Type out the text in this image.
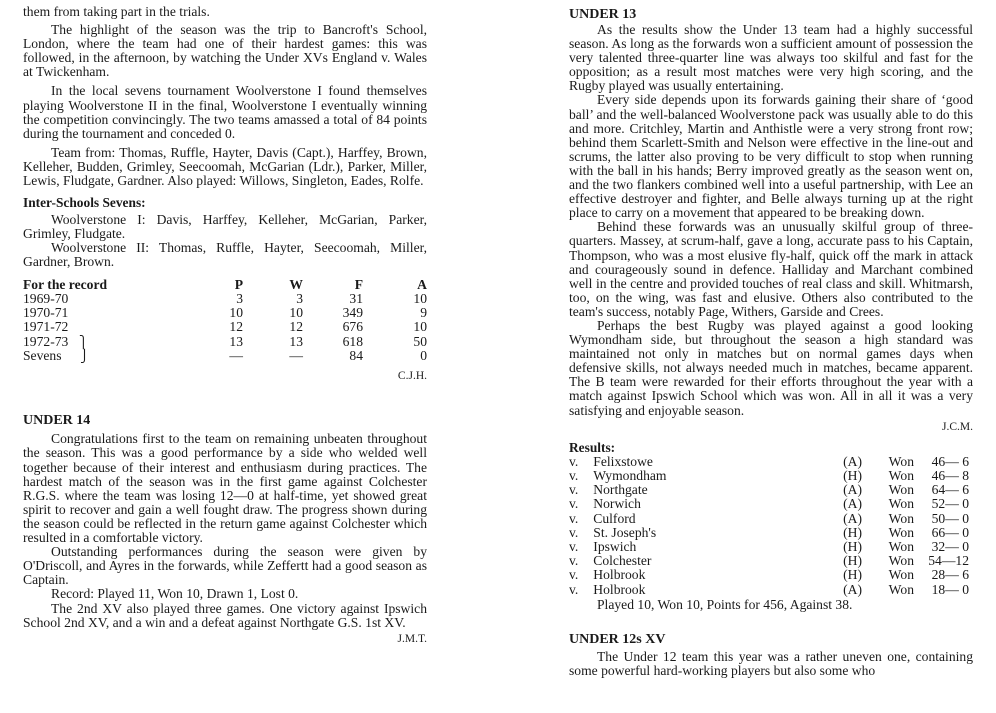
them from taking part in the trials.

The highlight of the season was the trip to Bancroft's School, London, where the team had one of their hardest games: this was followed, in the afternoon, by watching the Under XVs England v. Wales at Twickenham.

In the local sevens tournament Woolverstone I found themselves playing Woolverstone II in the final, Woolverstone I eventually winning the competition convincingly. The two teams amassed a total of 84 points during the tournament and conceded 0.

Team from: Thomas, Ruffle, Hayter, Davis (Capt.), Harffey, Brown, Kelleher, Budden, Grimley, Seecoomah, McGarian (Ldr.), Parker, Miller, Lewis, Fludgate, Gardner. Also played: Willows, Singleton, Eades, Rolfe.

Inter-Schools Sevens:

Woolverstone I: Davis, Harffey, Kelleher, McGarian, Parker, Grimley, Fludgate.

Woolverstone II: Thomas, Ruffle, Hayter, Seecoomah, Miller, Gardner, Brown.

For the record	P	W	F	A
1969-70	3	3	31	10
1970-71	10	10	349	9
1971-72	12	12	676	10
1972-73 ⎫	13	13	618	50
Sevens ⎭	—	—	84	0

C.J.H.

UNDER 14

Congratulations first to the team on remaining unbeaten throughout the season. This was a good performance by a side who welded well together because of their interest and enthusiasm during practices. The hardest match of the season was in the first game against Colchester R.G.S. where the team was losing 12—0 at half-time, yet showed great spirit to recover and gain a well fought draw. The progress shown during the season could be reflected in the return game against Colchester which resulted in a comfortable victory.

Outstanding performances during the season were given by O'Driscoll, and Ayres in the forwards, while Zeffertt had a good season as Captain.

Record: Played 11, Won 10, Drawn 1, Lost 0.

The 2nd XV also played three games. One victory against Ipswich School 2nd XV, and a win and a defeat against Northgate G.S. 1st XV.

J.M.T.

UNDER 13

As the results show the Under 13 team had a highly successful season. As long as the forwards won a sufficient amount of possession the very talented three-quarter line was always too skilful and fast for the opposition; as a result most matches were very high scoring, and the Rugby played was usually entertaining.

Every side depends upon its forwards gaining their share of ‘good ball’ and the well-balanced Woolverstone pack was usually able to do this and more. Critchley, Martin and Anthistle were a very strong front row; behind them Scarlett-Smith and Nelson were effective in the line-out and scrums, the latter also proving to be very difficult to stop when running with the ball in his hands; Berry improved greatly as the season went on, and the two flankers combined well into a useful partnership, with Lee an effective destroyer and fighter, and Belle always turning up at the right place to carry on a movement that appeared to be breaking down.

Behind these forwards was an unusually skilful group of three-quarters. Massey, at scrum-half, gave a long, accurate pass to his Captain, Thompson, who was a most elusive fly-half, quick off the mark in attack and courageously sound in defence. Halliday and Marchant combined well in the centre and provided touches of real class and skill. Whitmarsh, too, on the wing, was fast and elusive. Others also contributed to the team's success, notably Page, Withers, Garside and Crees.

Perhaps the best Rugby was played against a good looking Wymondham side, but throughout the season a high standard was maintained not only in matches but on normal games days when defensive skills, not always needed much in matches, became apparent. The B team were rewarded for their efforts throughout the year with a match against Ipswich School which was won. All in all it was a very satisfying and enjoyable season.

J.C.M.

Results:
v.	Felixstowe	(A)	Won	46— 6
v.	Wymondham	(H)	Won	46— 8
v.	Northgate	(A)	Won	64— 6
v.	Norwich	(A)	Won	52— 0
v.	Culford	(A)	Won	50— 0
v.	St. Joseph's	(H)	Won	66— 0
v.	Ipswich	(H)	Won	32— 0
v.	Colchester	(H)	Won	54—12
v.	Holbrook	(H)	Won	28— 6
v.	Holbrook	(A)	Won	18— 0

Played 10, Won 10, Points for 456, Against 38.

UNDER 12s XV

The Under 12 team this year was a rather uneven one, containing some powerful hard-working players but also some who
